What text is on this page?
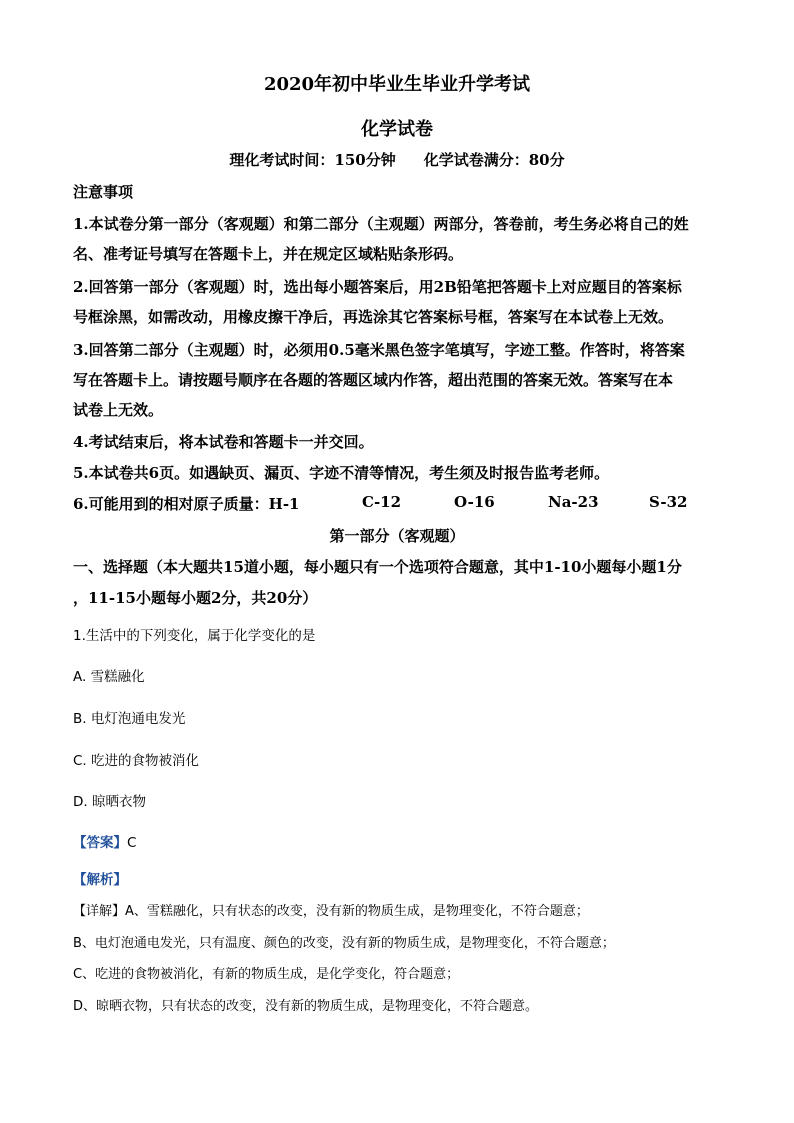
2020年初中毕业生毕业升学考试
化学试卷
理化考试时间：150分钟 化学试卷满分：80分
注意事项
1.本试卷分第一部分（客观题）和第二部分（主观题）两部分，答卷前，考生务必将自己的姓
名、准考证号填写在答题卡上，并在规定区域粘贴条形码。
2.回答第一部分（客观题）时，选出每小题答案后，用2B铅笔把答题卡上对应题目的答案标
号框涂黑，如需改动，用橡皮擦干净后，再选涂其它答案标号框，答案写在本试卷上无效。
3.回答第二部分（主观题）时，必须用0.5毫米黑色签字笔填写，字迹工整。作答时，将答案
写在答题卡上。请按题号顺序在各题的答题区域内作答，超出范围的答案无效。答案写在本
试卷上无效。
4.考试结束后，将本试卷和答题卡一并交回。
5.本试卷共6页。如遇缺页、漏页、字迹不清等情况，考生须及时报告监考老师。
6.可能用到的相对原子质量：H-1	C-12	O-16	Na-23	S-32
第一部分（客观题）
一、选择题（本大题共15道小题，每小题只有一个选项符合题意，其中1-10小题每小题1分
，11-15小题每小题2分，共20分）
1.生活中的下列变化，属于化学变化的是
A. 雪糕融化
B. 电灯泡通电发光
C. 吃进的食物被消化
D. 晾晒衣物
【答案】C
【解析】
【详解】A、雪糕融化，只有状态的改变，没有新的物质生成，是物理变化，不符合题意；
B、电灯泡通电发光，只有温度、颜色的改变，没有新的物质生成，是物理变化，不符合题意；
C、吃进的食物被消化，有新的物质生成，是化学变化，符合题意；
D、晾晒衣物，只有状态的改变，没有新的物质生成，是物理变化，不符合题意。
